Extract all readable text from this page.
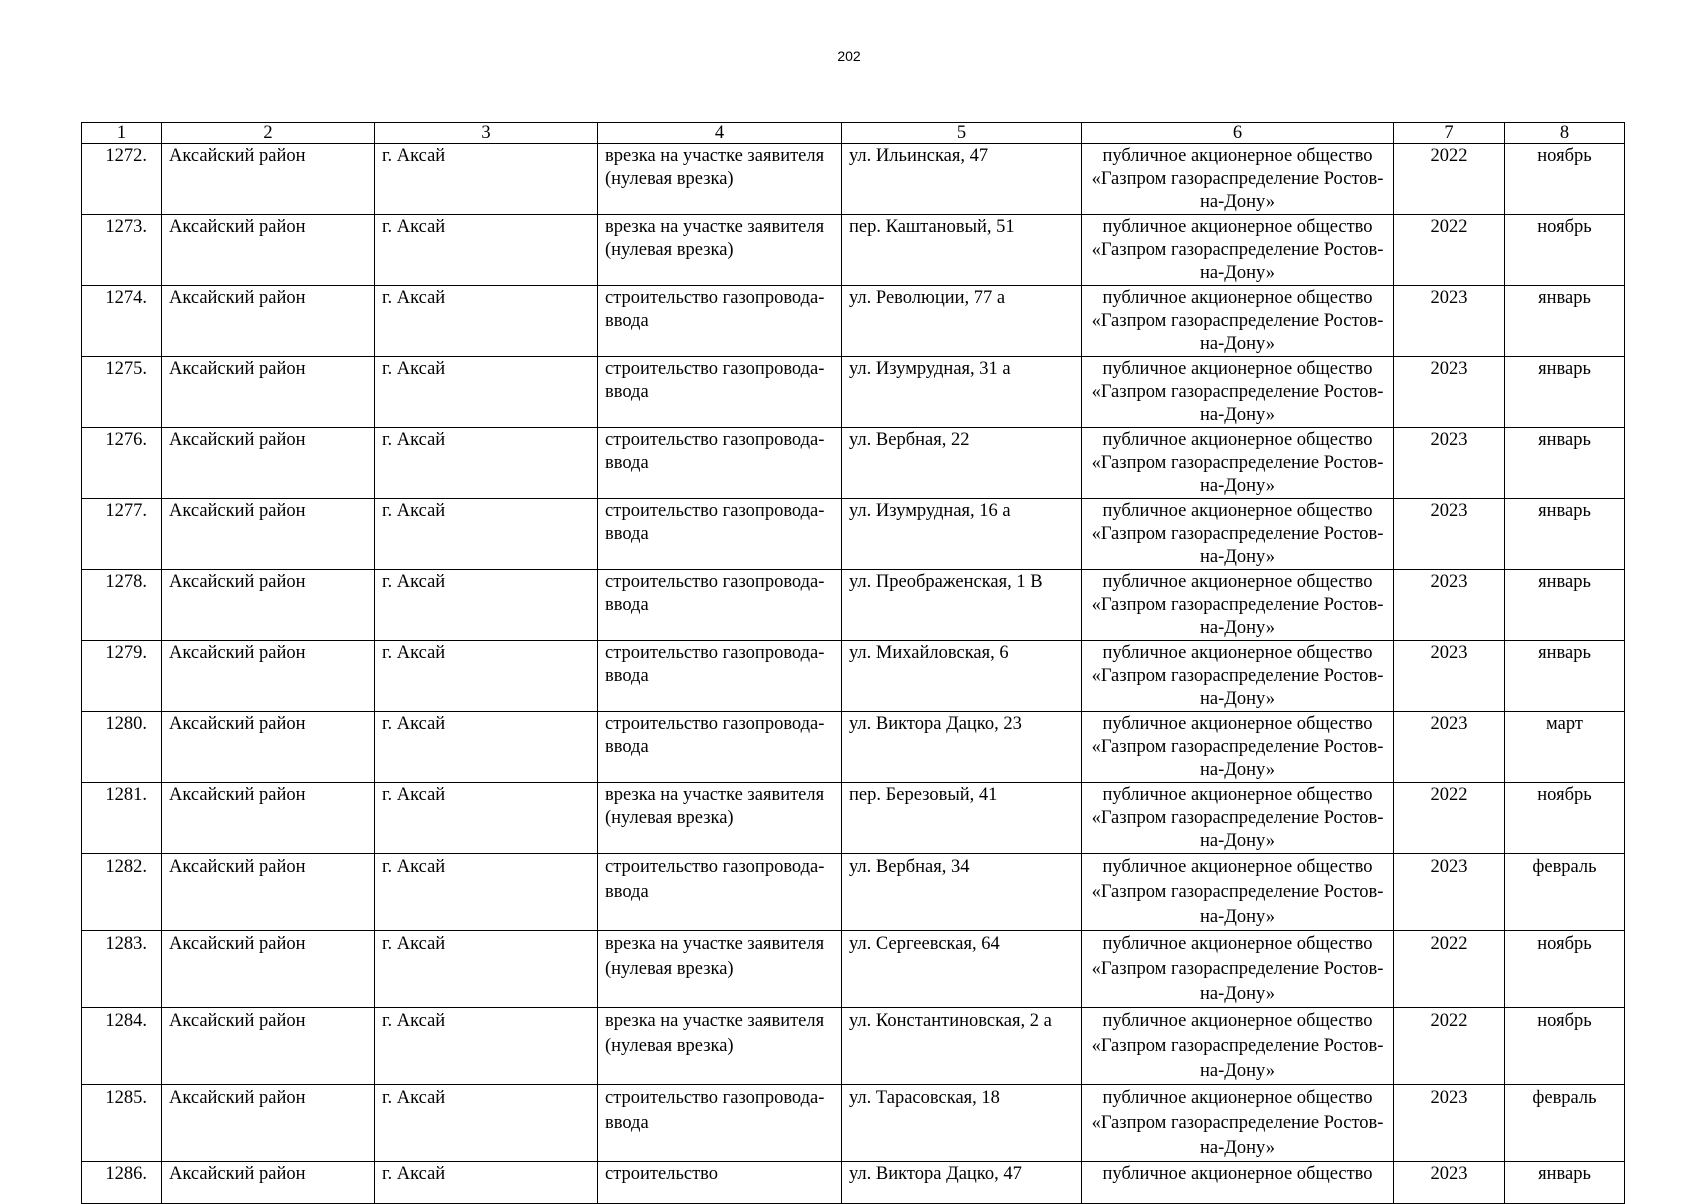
202
1	2	3	4	5	6	7	8
1272.	Аксайский район	г. Аксай	врезка на участке заявителя (нулевая врезка)	ул. Ильинская, 47	публичное акционерное общество «Газпром газораспределение Ростов-на-Дону»	2022	ноябрь
1273.	Аксайский район	г. Аксай	врезка на участке заявителя (нулевая врезка)	пер. Каштановый, 51	публичное акционерное общество «Газпром газораспределение Ростов-на-Дону»	2022	ноябрь
1274.	Аксайский район	г. Аксай	строительство газопровода-ввода	ул. Революции, 77 а	публичное акционерное общество «Газпром газораспределение Ростов-на-Дону»	2023	январь
1275.	Аксайский район	г. Аксай	строительство газопровода-ввода	ул. Изумрудная, 31 а	публичное акционерное общество «Газпром газораспределение Ростов-на-Дону»	2023	январь
1276.	Аксайский район	г. Аксай	строительство газопровода-ввода	ул. Вербная, 22	публичное акционерное общество «Газпром газораспределение Ростов-на-Дону»	2023	январь
1277.	Аксайский район	г. Аксай	строительство газопровода-ввода	ул. Изумрудная, 16 а	публичное акционерное общество «Газпром газораспределение Ростов-на-Дону»	2023	январь
1278.	Аксайский район	г. Аксай	строительство газопровода-ввода	ул. Преображенская, 1 В	публичное акционерное общество «Газпром газораспределение Ростов-на-Дону»	2023	январь
1279.	Аксайский район	г. Аксай	строительство газопровода-ввода	ул. Михайловская, 6	публичное акционерное общество «Газпром газораспределение Ростов-на-Дону»	2023	январь
1280.	Аксайский район	г. Аксай	строительство газопровода-ввода	ул. Виктора Дацко, 23	публичное акционерное общество «Газпром газораспределение Ростов-на-Дону»	2023	март
1281.	Аксайский район	г. Аксай	врезка на участке заявителя (нулевая врезка)	пер. Березовый, 41	публичное акционерное общество «Газпром газораспределение Ростов-на-Дону»	2022	ноябрь
1282.	Аксайский район	г. Аксай	строительство газопровода-ввода	ул. Вербная, 34	публичное акционерное общество «Газпром газораспределение Ростов-на-Дону»	2023	февраль
1283.	Аксайский район	г. Аксай	врезка на участке заявителя (нулевая врезка)	ул. Сергеевская, 64	публичное акционерное общество «Газпром газораспределение Ростов-на-Дону»	2022	ноябрь
1284.	Аксайский район	г. Аксай	врезка на участке заявителя (нулевая врезка)	ул. Константиновская, 2 а	публичное акционерное общество «Газпром газораспределение Ростов-на-Дону»	2022	ноябрь
1285.	Аксайский район	г. Аксай	строительство газопровода-ввода	ул. Тарасовская, 18	публичное акционерное общество «Газпром газораспределение Ростов-на-Дону»	2023	февраль
1286.	Аксайский район	г. Аксай	строительство	ул. Виктора Дацко, 47	публичное акционерное общество	2023	январь
